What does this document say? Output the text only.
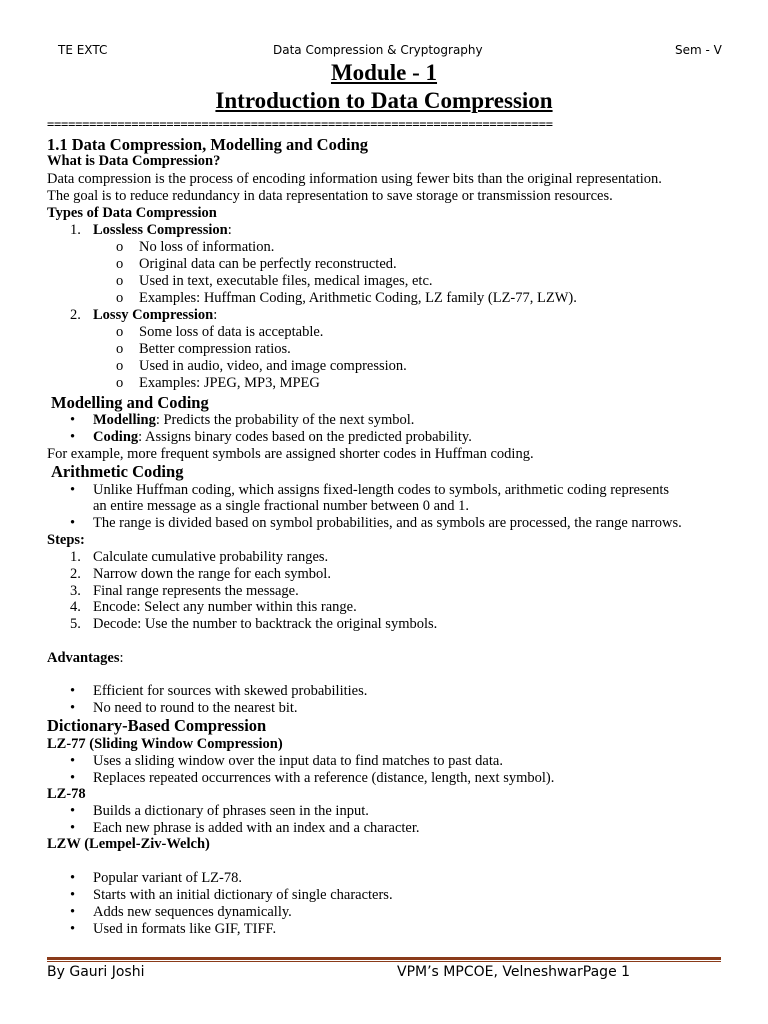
TE EXTC	Data Compression & Cryptography	Sem - V
Module - 1
Introduction to Data Compression
========================================================================
1.1 Data Compression, Modelling and Coding
What is Data Compression?
Data compression is the process of encoding information using fewer bits than the original representation.
The goal is to reduce redundancy in data representation to save storage or transmission resources.
Types of Data Compression
1. Lossless Compression:
o No loss of information.
o Original data can be perfectly reconstructed.
o Used in text, executable files, medical images, etc.
o Examples: Huffman Coding, Arithmetic Coding, LZ family (LZ-77, LZW).
2. Lossy Compression:
o Some loss of data is acceptable.
o Better compression ratios.
o Used in audio, video, and image compression.
o Examples: JPEG, MP3, MPEG
Modelling and Coding
• Modelling: Predicts the probability of the next symbol.
• Coding: Assigns binary codes based on the predicted probability.
For example, more frequent symbols are assigned shorter codes in Huffman coding.
Arithmetic Coding
• Unlike Huffman coding, which assigns fixed-length codes to symbols, arithmetic coding represents
an entire message as a single fractional number between 0 and 1.
• The range is divided based on symbol probabilities, and as symbols are processed, the range narrows.
Steps:
1. Calculate cumulative probability ranges.
2. Narrow down the range for each symbol.
3. Final range represents the message.
4. Encode: Select any number within this range.
5. Decode: Use the number to backtrack the original symbols.
Advantages:
• Efficient for sources with skewed probabilities.
• No need to round to the nearest bit.
Dictionary-Based Compression
LZ-77 (Sliding Window Compression)
• Uses a sliding window over the input data to find matches to past data.
• Replaces repeated occurrences with a reference (distance, length, next symbol).
LZ-78
• Builds a dictionary of phrases seen in the input.
• Each new phrase is added with an index and a character.
LZW (Lempel-Ziv-Welch)
• Popular variant of LZ-78.
• Starts with an initial dictionary of single characters.
• Adds new sequences dynamically.
• Used in formats like GIF, TIFF.
By Gauri Joshi	VPM’s MPCOE, VelneshwarPage 1
